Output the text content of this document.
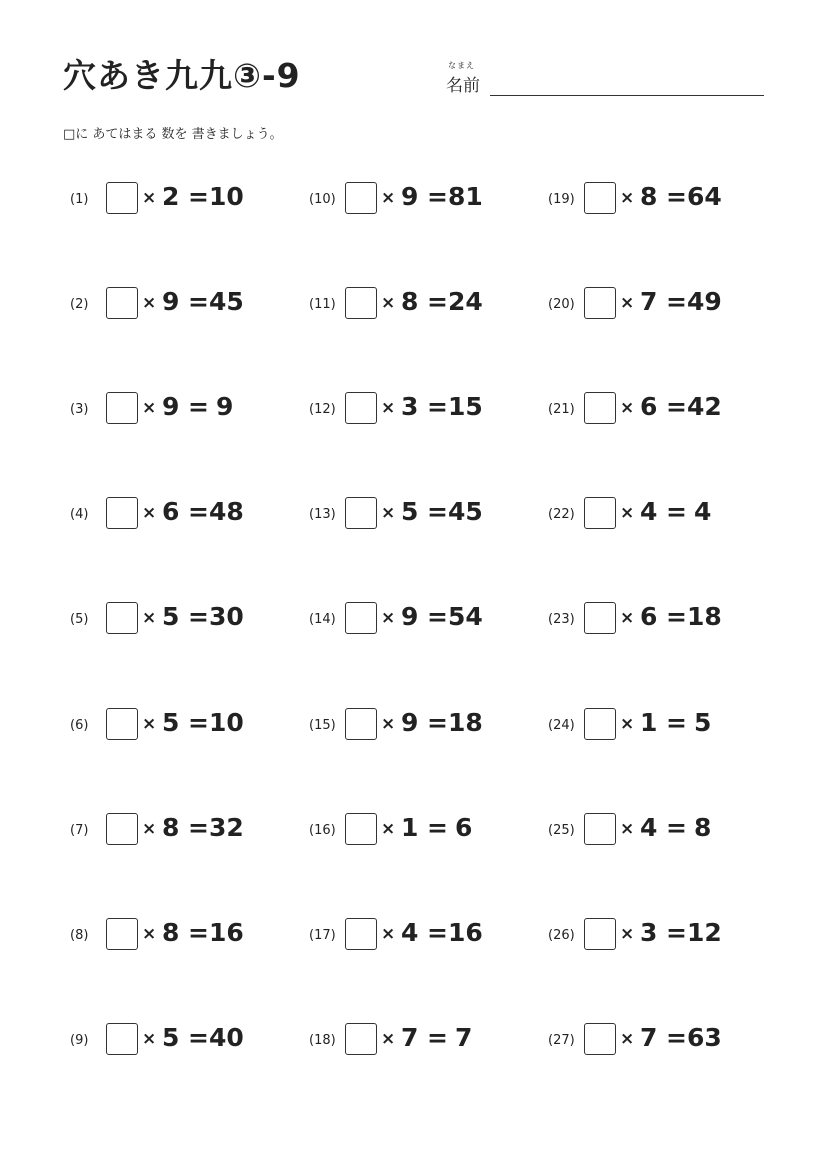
穴あき九九③-9	なまえ
名前
□に あてはまる 数を 書きましょう。
(1)	× 2 = 10
(2)	× 9 = 45
(3)	× 9 = 9
(4)	× 6 = 48
(5)	× 5 = 30
(6)	× 5 = 10
(7)	× 8 = 32
(8)	× 8 = 16
(9)	× 5 = 40
(10)	× 9 = 81
(11)	× 8 = 24
(12)	× 3 = 15
(13)	× 5 = 45
(14)	× 9 = 54
(15)	× 9 = 18
(16)	× 1 = 6
(17)	× 4 = 16
(18)	× 7 = 7
(19)	× 8 = 64
(20)	× 7 = 49
(21)	× 6 = 42
(22)	× 4 = 4
(23)	× 6 = 18
(24)	× 1 = 5
(25)	× 4 = 8
(26)	× 3 = 12
(27)	× 7 = 63
